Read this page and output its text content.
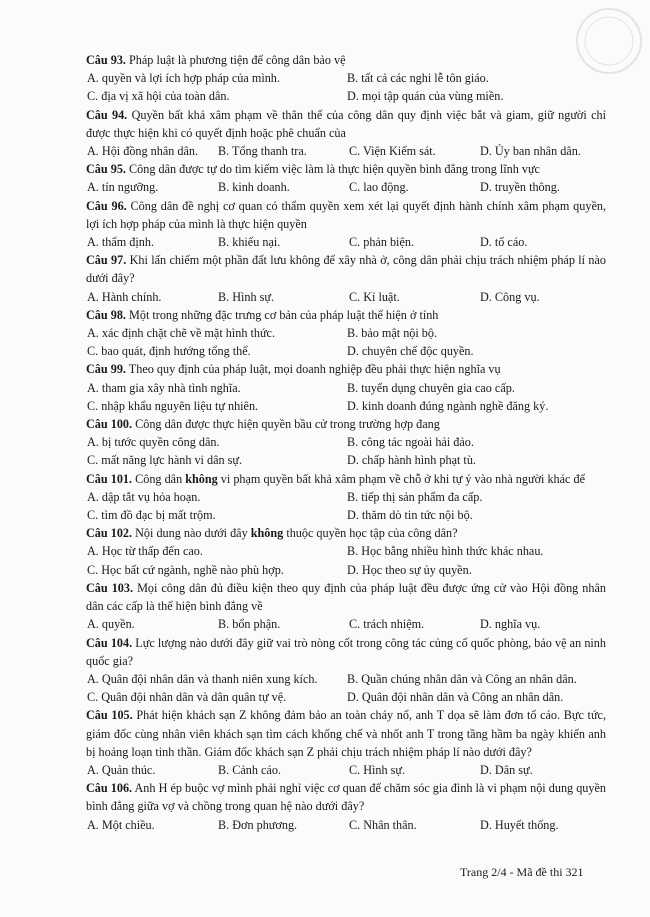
Câu 93. Pháp luật là phương tiện để công dân bảo vệ
A. quyền và lợi ích hợp pháp của mình.	B. tất cả các nghi lễ tôn giáo.
C. địa vị xã hội của toàn dân.	D. mọi tập quán của vùng miền.
Câu 94. Quyền bất khả xâm phạm về thân thể của công dân quy định việc bắt và giam, giữ người chỉ được thực hiện khi có quyết định hoặc phê chuẩn của
A. Hội đồng nhân dân.	B. Tổng thanh tra.	C. Viện Kiểm sát.	D. Ủy ban nhân dân.
Câu 95. Công dân được tự do tìm kiếm việc làm là thực hiện quyền bình đẳng trong lĩnh vực
A. tín ngưỡng.	B. kinh doanh.	C. lao động.	D. truyền thông.
Câu 96. Công dân đề nghị cơ quan có thẩm quyền xem xét lại quyết định hành chính xâm phạm quyền, lợi ích hợp pháp của mình là thực hiện quyền
A. thẩm định.	B. khiếu nại.	C. phản biện.	D. tố cáo.
Câu 97. Khi lấn chiếm một phần đất lưu không để xây nhà ở, công dân phải chịu trách nhiệm pháp lí nào dưới đây?
A. Hành chính.	B. Hình sự.	C. Kỉ luật.	D. Công vụ.
Câu 98. Một trong những đặc trưng cơ bản của pháp luật thể hiện ở tính
A. xác định chặt chẽ về mặt hình thức.	B. bảo mật nội bộ.
C. bao quát, định hướng tổng thể.	D. chuyên chế độc quyền.
Câu 99. Theo quy định của pháp luật, mọi doanh nghiệp đều phải thực hiện nghĩa vụ
A. tham gia xây nhà tình nghĩa.	B. tuyển dụng chuyên gia cao cấp.
C. nhập khẩu nguyên liệu tự nhiên.	D. kinh doanh đúng ngành nghề đăng ký.
Câu 100. Công dân được thực hiện quyền bầu cử trong trường hợp đang
A. bị tước quyền công dân.	B. công tác ngoài hải đảo.
C. mất năng lực hành vi dân sự.	D. chấp hành hình phạt tù.
Câu 101. Công dân không vi phạm quyền bất khả xâm phạm về chỗ ở khi tự ý vào nhà người khác để
A. dập tắt vụ hỏa hoạn.	B. tiếp thị sản phẩm đa cấp.
C. tìm đồ đạc bị mất trộm.	D. thăm dò tin tức nội bộ.
Câu 102. Nội dung nào dưới đây không thuộc quyền học tập của công dân?
A. Học từ thấp đến cao.	B. Học bằng nhiều hình thức khác nhau.
C. Học bất cứ ngành, nghề nào phù hợp.	D. Học theo sự ủy quyền.
Câu 103. Mọi công dân đủ điều kiện theo quy định của pháp luật đều được ứng cử vào Hội đồng nhân dân các cấp là thể hiện bình đẳng về
A. quyền.	B. bổn phận.	C. trách nhiệm.	D. nghĩa vụ.
Câu 104. Lực lượng nào dưới đây giữ vai trò nòng cốt trong công tác củng cố quốc phòng, bảo vệ an ninh quốc gia?
A. Quân đội nhân dân và thanh niên xung kích.	B. Quần chúng nhân dân và Công an nhân dân.
C. Quân đội nhân dân và dân quân tự vệ.	D. Quân đội nhân dân và Công an nhân dân.
Câu 105. Phát hiện khách sạn Z không đảm bảo an toàn cháy nổ, anh T dọa sẽ làm đơn tố cáo. Bực tức, giám đốc cùng nhân viên khách sạn tìm cách khống chế và nhốt anh T trong tầng hầm ba ngày khiến anh bị hoảng loạn tinh thần. Giám đốc khách sạn Z phải chịu trách nhiệm pháp lí nào dưới đây?
A. Quản thúc.	B. Cảnh cáo.	C. Hình sự.	D. Dân sự.
Câu 106. Anh H ép buộc vợ mình phải nghỉ việc cơ quan để chăm sóc gia đình là vi phạm nội dung quyền bình đẳng giữa vợ và chồng trong quan hệ nào dưới đây?
A. Một chiều.	B. Đơn phương.	C. Nhân thân.	D. Huyết thống.
Trang 2/4 - Mã đề thi 321
